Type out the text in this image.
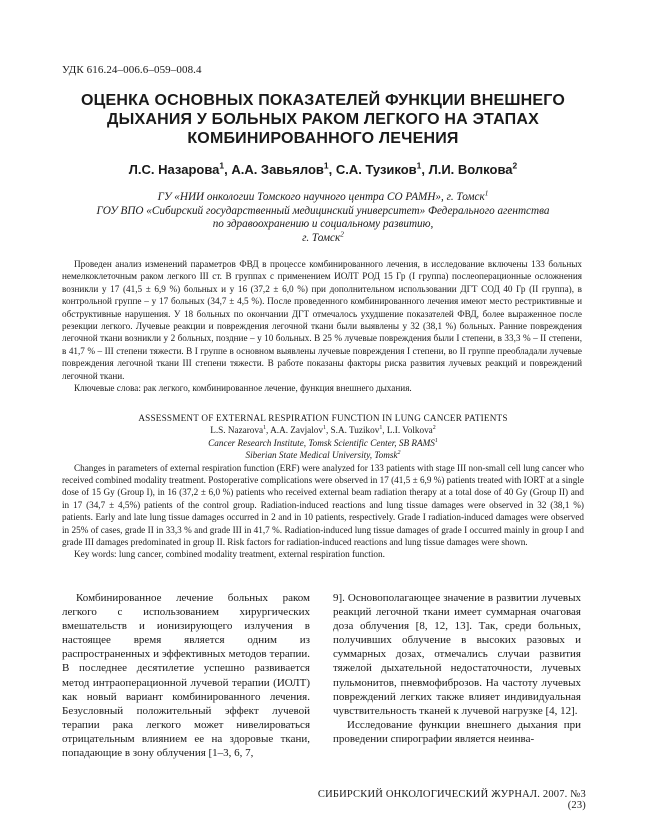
УДК 616.24–006.6–059–008.4
ОЦЕНКА ОСНОВНЫХ ПОКАЗАТЕЛЕЙ ФУНКЦИИ ВНЕШНЕГО ДЫХАНИЯ У БОЛЬНЫХ РАКОМ ЛЕГКОГО НА ЭТАПАХ КОМБИНИРОВАННОГО ЛЕЧЕНИЯ
Л.С. Назарова$^1$, А.А. Завьялов$^1$, С.А. Тузиков$^1$, Л.И. Волкова$^2$
ГУ «НИИ онкологии Томского научного центра СО РАМН», г. Томск$^1$
ГОУ ВПО «Сибирский государственный медицинский университет» Федерального агентства
по здравоохранению и социальному развитию,
г. Томск$^2$

Проведен анализ изменений параметров ФВД в процессе комбинированного лечения, в исследование включены 133 больных немелкоклеточным раком легкого III ст. В группах с применением ИОЛТ РОД 15 Гр (I группа) послеоперационные осложнения возникли у 17 (41,5 ± 6,9 %) больных и у 16 (37,2 ± 6,0 %) при дополнительном использовании ДГТ СОД 40 Гр (II группа), в контрольной группе – у 17 больных (34,7 ± 4,5 %). После проведенного комбинированного лечения имеют место рестриктивные и обструктивные нарушения. У 18 больных по окончании ДГТ отмечалось ухудшение показателей ФВД, более выраженное после резекции легкого. Лучевые реакции и повреждения легочной ткани были выявлены у 32 (38,1 %) больных. Ранние повреждения легочной ткани возникли у 2 больных, поздние – у 10 больных. В 25 % лучевые повреждения были I степени, в 33,3 % – II степени, в 41,7 % – III степени тяжести. В I группе в основном выявлены лучевые повреждения I степени, во II группе преобладали лучевые повреждения легочной ткани III степени тяжести. В работе показаны факторы риска развития лучевых реакций и повреждений легочной ткани.

Ключевые слова: рак легкого, комбинированное лечение, функция внешнего дыхания.

ASSESSMENT OF EXTERNAL RESPIRATION FUNCTION IN LUNG CANCER PATIENTS
L.S. Nazarova$^1$, A.A. Zavjalov$^1$, S.A. Tuzikov$^1$, L.I. Volkova$^2$
Cancer Research Institute, Tomsk Scientific Center, SB RAMS$^1$
Siberian State Medical University, Tomsk$^2$

Changes in parameters of external respiration function (ERF) were analyzed for 133 patients with stage III non-small cell lung cancer who received combined modality treatment. Postoperative complications were observed in 17 (41,5 ± 6,9 %) patients treated with IORT at a single dose of 15 Gy (Group I), in 16 (37,2 ± 6,0 %) patients who received external beam radiation therapy at a total dose of 40 Gy (Group II) and in 17 (34,7 ± 4,5%) patients of the control group. Radiation-induced reactions and lung tissue damages were observed in 32 (38,1 %) patients. Early and late lung tissue damages occurred in 2 and in 10 patients, respectively. Grade I radiation-induced damages were observed in 25% of cases, grade II in 33,3 % and grade III in 41,7 %. Radiation-induced lung tissue damages of grade I occurred mainly in group I and grade III damages predominated in group II. Risk factors for radiation-induced reactions and lung tissue damages were shown.

Key words: lung cancer, combined modality treatment, external respiration function.

Комбинированное лечение больных раком легкого с использованием хирургических вмешательств и ионизирующего излучения в настоящее время является одним из распространенных и эффективных методов терапии. В последнее десятилетие успешно развивается метод интраоперационной лучевой терапии (ИОЛТ) как новый вариант комбинированного лечения. Безусловный положительный эффект лучевой терапии рака легкого может нивелироваться отрицательным влиянием ее на здоровые ткани, попадающие в зону облучения [1–3, 6, 7,

9]. Основополагающее значение в развитии лучевых реакций легочной ткани имеет суммарная очаговая доза облучения [8, 12, 13]. Так, среди больных, получивших облучение в высоких разовых и суммарных дозах, отмечались случаи развития тяжелой дыхательной недостаточности, лучевых пульмонитов, пневмофиброзов. На частоту лучевых повреждений легких также влияет индивидуальная чувствительность тканей к лучевой нагрузке [4, 12].

Исследование функции внешнего дыхания при проведении спирографии является неинва-

СИБИРСКИЙ ОНКОЛОГИЧЕСКИЙ ЖУРНАЛ. 2007. №3 (23)
